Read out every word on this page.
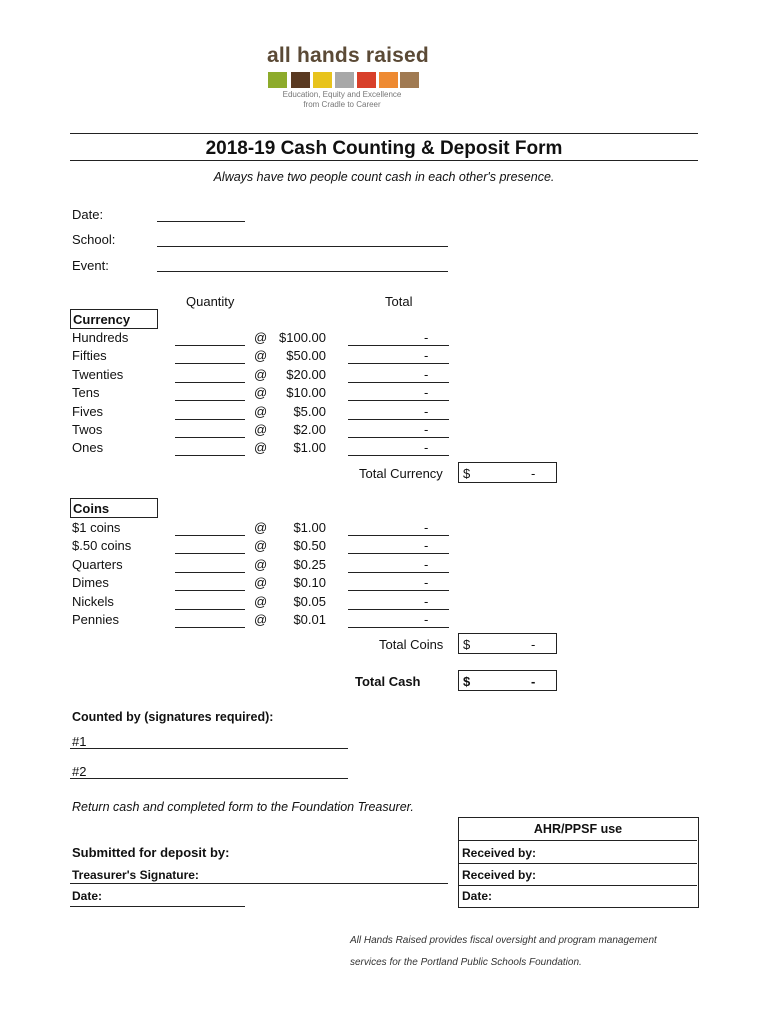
all hands raised
Education, Equity and Excellence
from Cradle to Career
2018-19 Cash Counting & Deposit Form
Always have two people count cash in each other's presence.
Date:
School:
Event:
Quantity	Total
Currency
Hundreds	@ $100.00	-
Fifties	@	$50.00	-
Twenties	@	$20.00	-
Tens	@	$10.00	-
Fives	@	$5.00	-
Twos	@	$2.00	-
Ones	@	$1.00	-
Total Currency $	-
Coins
$1 coins	@	$1.00	-
$.50 coins	@	$0.50	-
Quarters	@	$0.25	-
Dimes	@	$0.10	-
Nickels	@	$0.05	-
Pennies	@	$0.01	-
Total Coins $	-
Total Cash	$	-
Counted by (signatures required):
#1
#2
Return cash and completed form to the Foundation Treasurer.
Submitted for deposit by:
Treasurer's Signature:
Date:
AHR/PPSF use
Received by:
Received by:
Date:
All Hands Raised provides fiscal oversight and program management
services for the Portland Public Schools Foundation.
